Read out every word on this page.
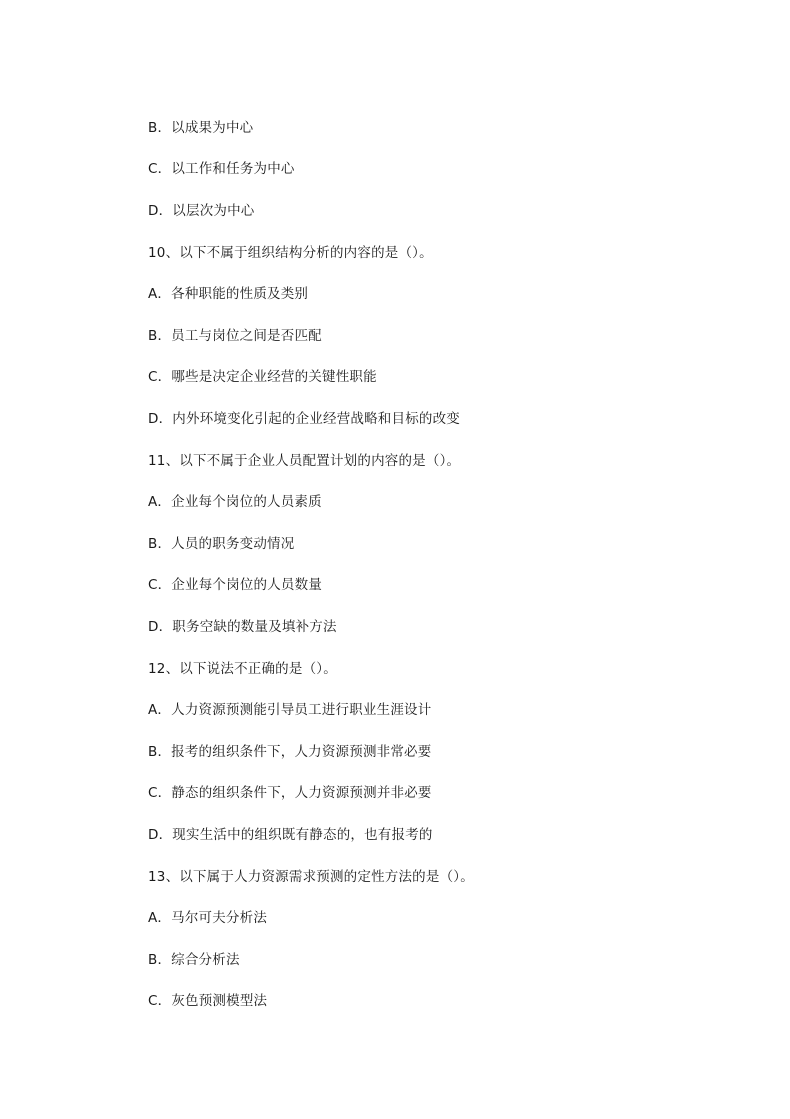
B．以成果为中心
C．以工作和任务为中心
D．以层次为中心
10、以下不属于组织结构分析的内容的是（）。
A．各种职能的性质及类别
B．员工与岗位之间是否匹配
C．哪些是决定企业经营的关键性职能
D．内外环境变化引起的企业经营战略和目标的改变
11、以下不属于企业人员配置计划的内容的是（）。
A．企业每个岗位的人员素质
B．人员的职务变动情况
C．企业每个岗位的人员数量
D．职务空缺的数量及填补方法
12、以下说法不正确的是（）。
A．人力资源预测能引导员工进行职业生涯设计
B．报考的组织条件下，人力资源预测非常必要
C．静态的组织条件下，人力资源预测并非必要
D．现实生活中的组织既有静态的，也有报考的
13、以下属于人力资源需求预测的定性方法的是（）。
A．马尔可夫分析法
B．综合分析法
C．灰色预测模型法
